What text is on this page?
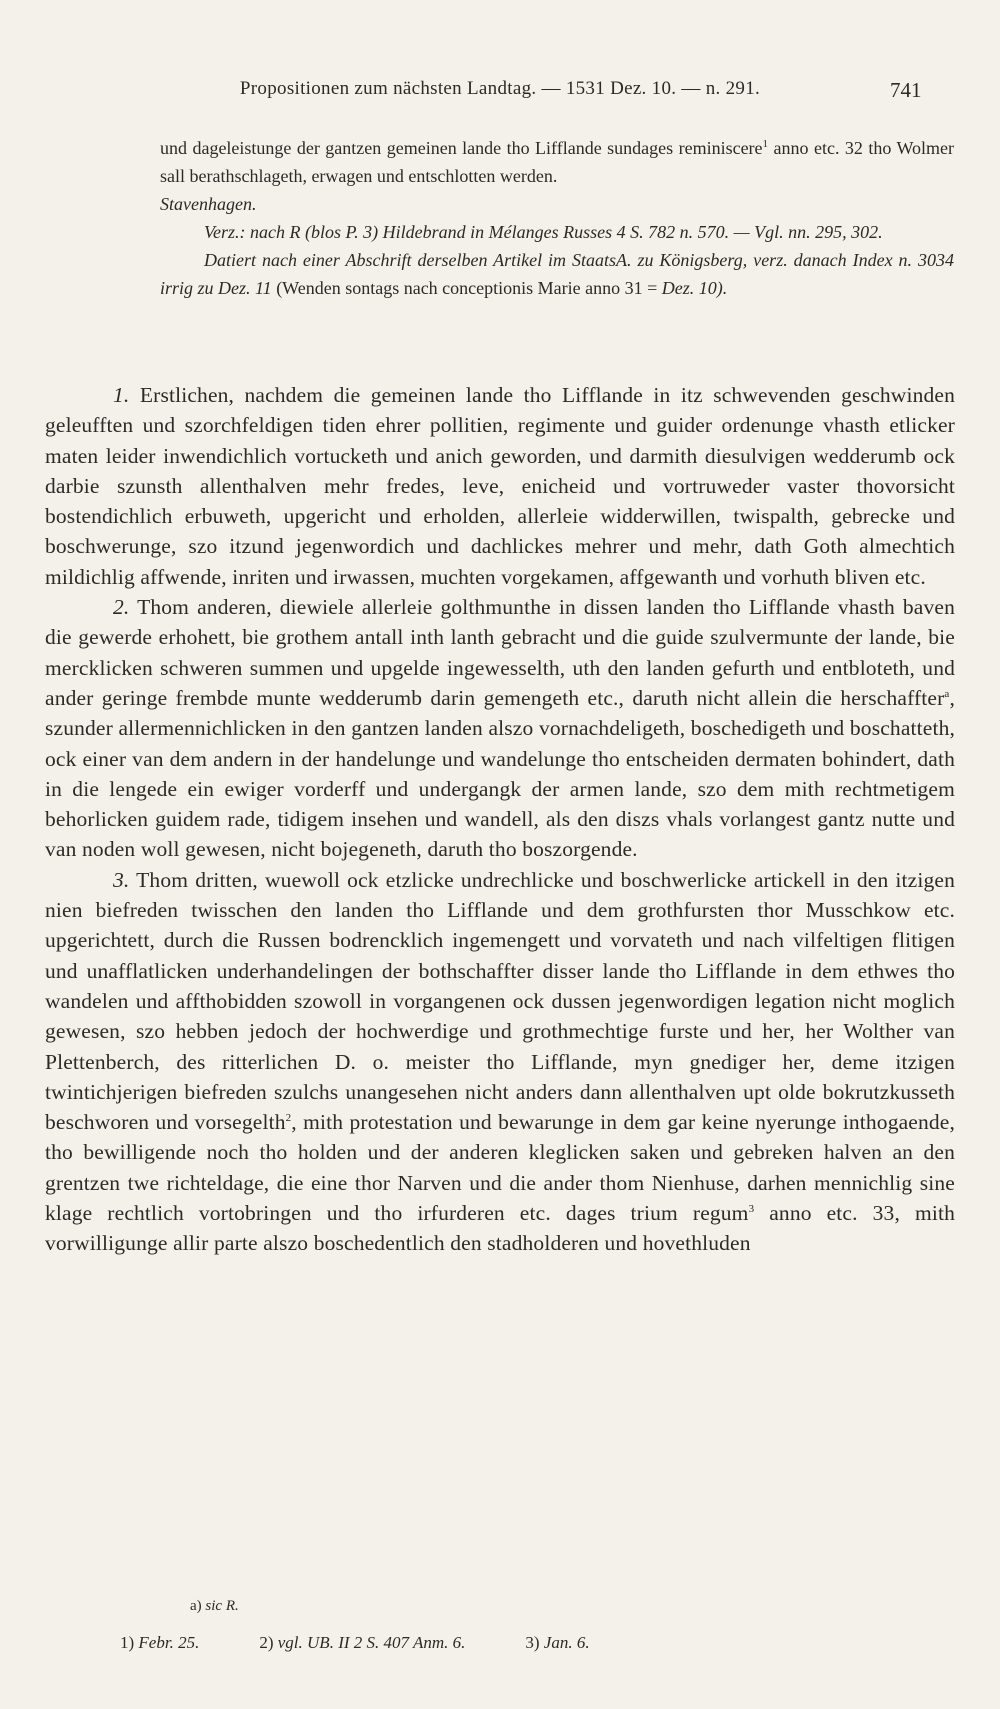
Propositionen zum nächsten Landtag. — 1531 Dez. 10. — n. 291.	741

und dageleistunge der gantzen gemeinen lande tho Lifflande sundages reminiscere$^1$ anno etc. 32 tho Wolmer sall berathschlageth, erwagen und entschlotten werden.

Stavenhagen.

Verz.: nach R (blos P. 3) Hildebrand in Mélanges Russes 4 S. 782 n. 570. — Vgl. nn. 295, 302.

Datiert nach einer Abschrift derselben Artikel im StaatsA. zu Königsberg, verz. danach Index n. 3034 irrig zu Dez. 11 (Wenden sontags nach conceptionis Marie anno 31 = Dez. 10).

1. Erstlichen, nachdem die gemeinen lande tho Lifflande in itz schwevenden geschwinden geleufften und szorchfeldigen tiden ehrer pollitien, regimente und guider ordenunge vhasth etlicker maten leider inwendichlich vortucketh und anich geworden, und darmith diesulvigen wedderumb ock darbie szunsth allenthalven mehr fredes, leve, enicheid und vortruweder vaster thovorsicht bostendichlich erbuweth, upgericht und erholden, allerleie widderwillen, twispalth, gebrecke und boschwerunge, szo itzund jegenwordich und dachlickes mehrer und mehr, dath Goth almechtich mildichlig affwende, inriten und irwassen, muchten vorgekamen, affgewanth und vorhuth bliven etc.

2. Thom anderen, diewiele allerleie golthmunthe in dissen landen tho Lifflande vhasth baven die gewerde erhohett, bie grothem antall inth lanth gebracht und die guide szulvermunte der lande, bie mercklicken schweren summen und upgelde ingewesselth, uth den landen gefurth und entbloteth, und ander geringe frembde munte wedderumb darin gemengeth etc., daruth nicht allein die herschaffter$^a$, szunder allermennichlicken in den gantzen landen alszo vornachdeligeth, boschedigeth und boschatteth, ock einer van dem andern in der handelunge und wandelunge tho entscheiden dermaten bohindert, dath in die lengede ein ewiger vorderff und undergangk der armen lande, szo dem mith rechtmetigem behorlicken guidem rade, tidigem insehen und wandell, als den diszs vhals vorlangest gantz nutte und van noden woll gewesen, nicht bojegeneth, daruth tho boszorgende.

3. Thom dritten, wuewoll ock etzlicke undrechlicke und boschwerlicke artickell in den itzigen nien biefreden twisschen den landen tho Lifflande und dem grothfursten thor Musschkow etc. upgerichtett, durch die Russen bodrencklich ingemengett und vorvateth und nach vilfeltigen flitigen und unafflatlicken underhandelingen der bothschaffter disser lande tho Lifflande in dem ethwes tho wandelen und affthobidden szowoll in vorgangenen ock dussen jegenwordigen legation nicht moglich gewesen, szo hebben jedoch der hochwerdige und grothmechtige furste und her, her Wolther van Plettenberch, des ritterlichen D. o. meister tho Lifflande, myn gnediger her, deme itzigen twintichjerigen biefreden szulchs unangesehen nicht anders dann allenthalven upt olde bokrutzkusseth beschworen und vorsegelth$^2$, mith protestation und bewarunge in dem gar keine nyerunge inthogaende, tho bewilligende noch tho holden und der anderen kleglicken saken und gebreken halven an den grentzen twe richteldage, die eine thor Narven und die ander thom Nienhuse, darhen mennichlig sine klage rechtlich vortobringen und tho irfurderen etc. dages trium regum$^3$ anno etc. 33, mith vorwilligunge allir parte alszo boschedentlich den stadholderen und hovethluden

a) sic R.
1) Febr. 25.	2) vgl. UB. II 2 S. 407 Anm. 6.	3) Jan. 6.
